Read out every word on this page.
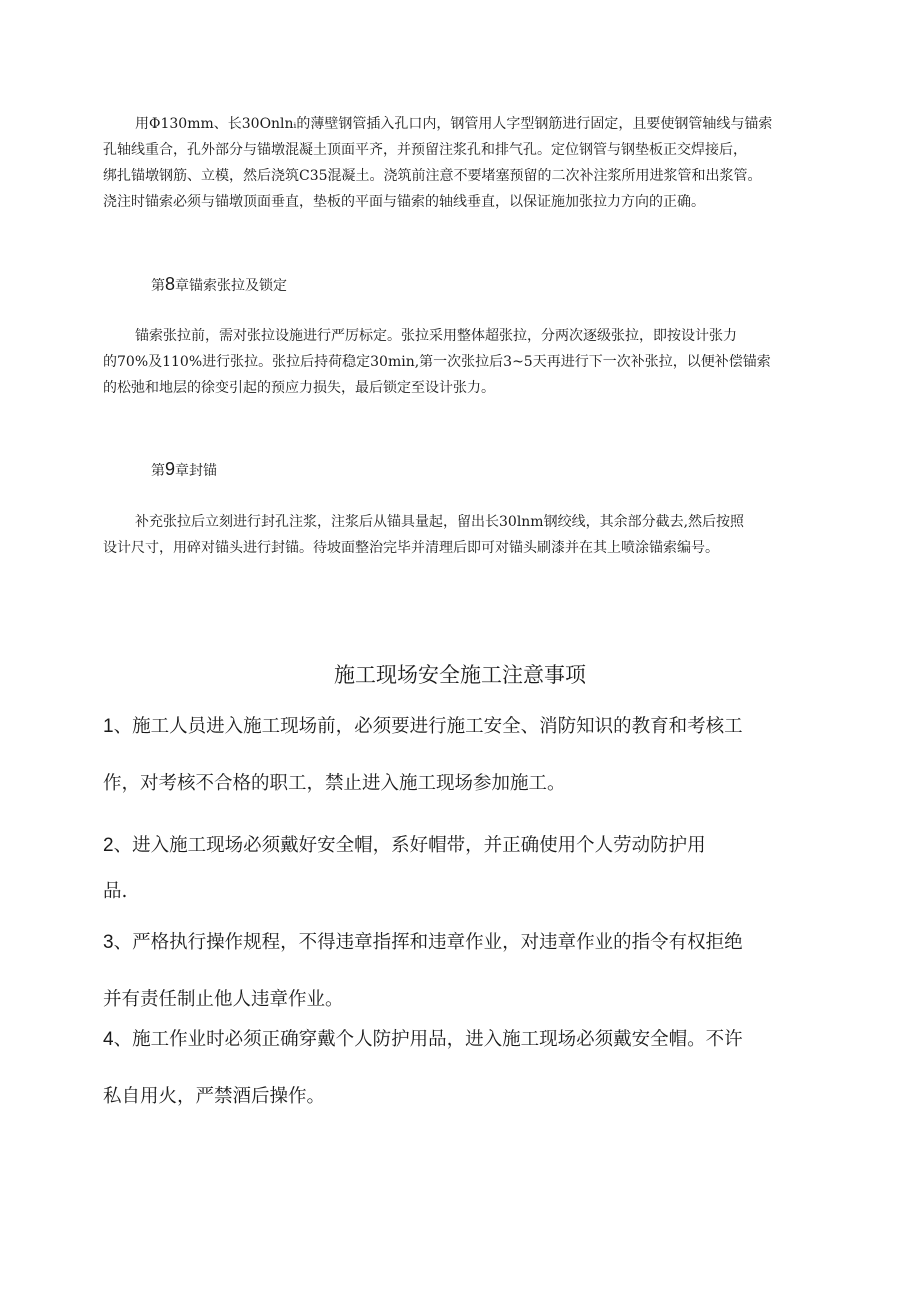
用Φ130mm、长30Onlnᵢ的薄壁钢管插入孔口内，钢管用人字型钢筋进行固定，且要使钢管轴线与锚索
孔轴线重合，孔外部分与锚墩混凝土顶面平齐，并预留注浆孔和排气孔。定位钢管与钢垫板正交焊接后，
绑扎锚墩钢筋、立模，然后浇筑C35混凝土。浇筑前注意不要堵塞预留的二次补注浆所用进浆管和出浆管。
浇注时锚索必须与锚墩顶面垂直，垫板的平面与锚索的轴线垂直，以保证施加张拉力方向的正确。

第8章锚索张拉及锁定

锚索张拉前，需对张拉设施进行严厉标定。张拉采用整体超张拉，分两次逐级张拉，即按设计张力
的70%及110%进行张拉。张拉后持荷稳定30min,第一次张拉后3~5天再进行下一次补张拉，以便补偿锚索
的松弛和地层的徐变引起的预应力损失，最后锁定至设计张力。

第9章封锚

补充张拉后立刻进行封孔注浆，注浆后从锚具量起，留出长30lnm钢绞线，其余部分截去,然后按照
设计尺寸，用碎对锚头进行封锚。待坡面整治完毕并清理后即可对锚头刷漆并在其上喷涂锚索编号。

施工现场安全施工注意事项
1、施工人员进入施工现场前，必须要进行施工安全、消防知识的教育和考核工
作，对考核不合格的职工，禁止进入施工现场参加施工。
2、进入施工现场必须戴好安全帽，系好帽带，并正确使用个人劳动防护用
品.
3、严格执行操作规程，不得违章指挥和违章作业，对违章作业的指令有权拒绝
并有责任制止他人违章作业。
4、施工作业时必须正确穿戴个人防护用品，进入施工现场必须戴安全帽。不许
私自用火，严禁酒后操作。
